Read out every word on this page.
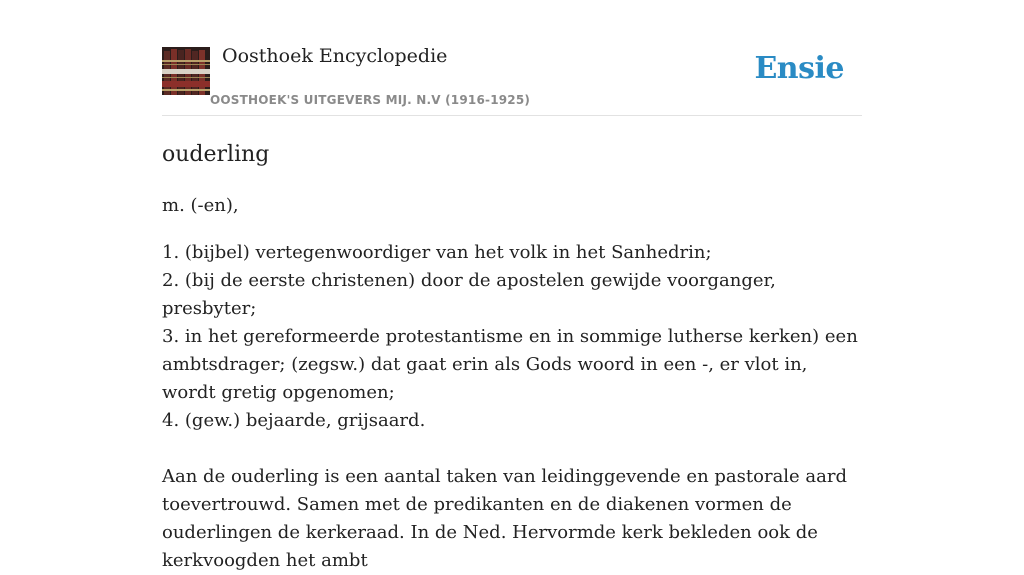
Oosthoek Encyclopedie
OOSTHOEK'S UITGEVERS MIJ. N.V (1916-1925)
Ensie
ouderling

m. (-en),

1. (bijbel) vertegenwoordiger van het volk in het Sanhedrin;
2. (bij de eerste christenen) door de apostelen gewijde voorganger, presbyter;
3. in het gereformeerde protestantisme en in sommige lutherse kerken) een ambtsdrager; (zegsw.) dat gaat erin als Gods woord in een -, er vlot in, wordt gretig opgenomen;
4. (gew.) bejaarde, grijsaard.

Aan de ouderling is een aantal taken van leidinggevende en pastorale aard toevertrouwd. Samen met de predikanten en de diakenen vormen de ouderlingen de kerkeraad. In de Ned. Hervormde kerk bekleden ook de kerkvoogden het ambt
